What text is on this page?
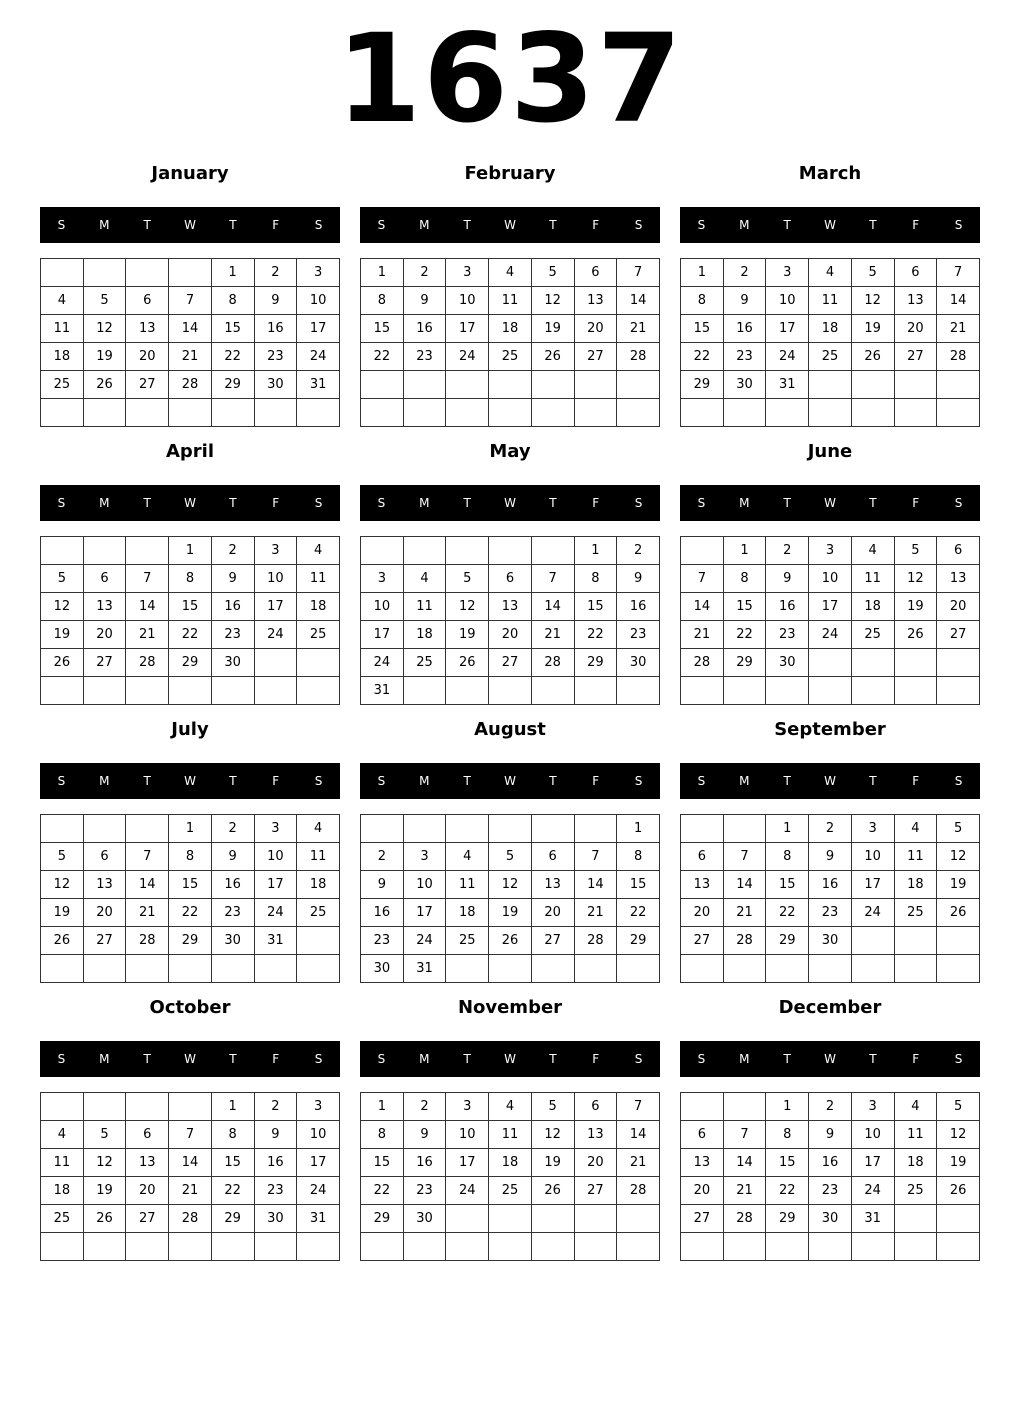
1637
January
S	M	T	W	T	F	S
				1	2	3
4	5	6	7	8	9	10
11	12	13	14	15	16	17
18	19	20	21	22	23	24
25	26	27	28	29	30	31

February
S	M	T	W	T	F	S
1	2	3	4	5	6	7
8	9	10	11	12	13	14
15	16	17	18	19	20	21
22	23	24	25	26	27	28

March
S	M	T	W	T	F	S
1	2	3	4	5	6	7
8	9	10	11	12	13	14
15	16	17	18	19	20	21
22	23	24	25	26	27	28
29	30	31				

April
S	M	T	W	T	F	S
			1	2	3	4
5	6	7	8	9	10	11
12	13	14	15	16	17	18
19	20	21	22	23	24	25
26	27	28	29	30		

May
S	M	T	W	T	F	S
					1	2
3	4	5	6	7	8	9
10	11	12	13	14	15	16
17	18	19	20	21	22	23
24	25	26	27	28	29	30
31						
June
S	M	T	W	T	F	S
	1	2	3	4	5	6
7	8	9	10	11	12	13
14	15	16	17	18	19	20
21	22	23	24	25	26	27
28	29	30				

July
S	M	T	W	T	F	S
			1	2	3	4
5	6	7	8	9	10	11
12	13	14	15	16	17	18
19	20	21	22	23	24	25
26	27	28	29	30	31	

August
S	M	T	W	T	F	S
						1
2	3	4	5	6	7	8
9	10	11	12	13	14	15
16	17	18	19	20	21	22
23	24	25	26	27	28	29
30	31					
September
S	M	T	W	T	F	S
		1	2	3	4	5
6	7	8	9	10	11	12
13	14	15	16	17	18	19
20	21	22	23	24	25	26
27	28	29	30			

October
S	M	T	W	T	F	S
				1	2	3
4	5	6	7	8	9	10
11	12	13	14	15	16	17
18	19	20	21	22	23	24
25	26	27	28	29	30	31

November
S	M	T	W	T	F	S
1	2	3	4	5	6	7
8	9	10	11	12	13	14
15	16	17	18	19	20	21
22	23	24	25	26	27	28
29	30					

December
S	M	T	W	T	F	S
		1	2	3	4	5
6	7	8	9	10	11	12
13	14	15	16	17	18	19
20	21	22	23	24	25	26
27	28	29	30	31		
